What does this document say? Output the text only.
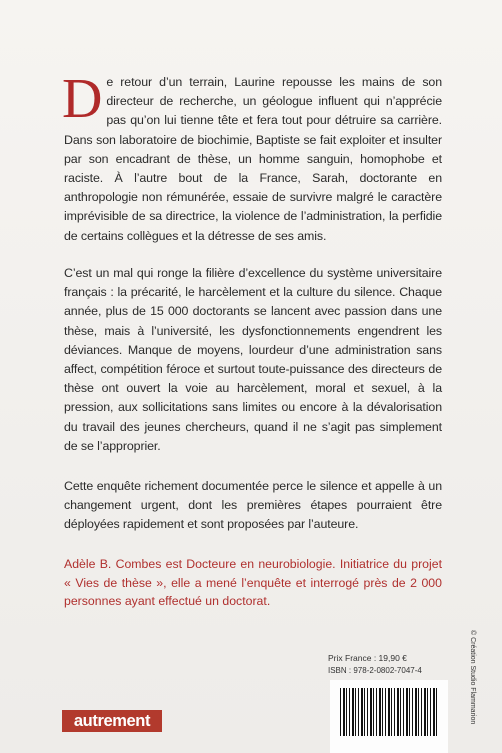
De retour d’un terrain, Laurine repousse les mains de son directeur de recherche, un géologue influent qui n’apprécie pas qu’on lui tienne tête et fera tout pour détruire sa carrière. Dans son laboratoire de biochimie, Baptiste se fait exploiter et insulter par son encadrant de thèse, un homme sanguin, homophobe et raciste. À l’autre bout de la France, Sarah, doctorante en anthropologie non rémunérée, essaie de survivre malgré le caractère imprévisible de sa directrice, la violence de l’administration, la perfidie de certains collègues et la détresse de ses amis.
C’est un mal qui ronge la filière d’excellence du système universitaire français : la précarité, le harcèlement et la culture du silence. Chaque année, plus de 15 000 doctorants se lancent avec passion dans une thèse, mais à l’université, les dysfonctionnements engendrent les déviances. Manque de moyens, lourdeur d’une administration sans affect, compétition féroce et surtout toute-puissance des directeurs de thèse ont ouvert la voie au harcèlement, moral et sexuel, à la pression, aux sollicitations sans limites ou encore à la dévalorisation du travail des jeunes chercheurs, quand il ne s’agit pas simplement de se l’approprier.
Cette enquête richement documentée perce le silence et appelle à un changement urgent, dont les premières étapes pourraient être déployées rapidement et sont proposées par l’auteure.
Adèle B. Combes est Docteure en neurobiologie. Initiatrice du projet « Vies de thèse », elle a mené l’enquête et interrogé près de 2 000 personnes ayant effectué un doctorat.
Prix France : 19,90 €
ISBN : 978-2-0802-7047-4
autrement	© Création Studio Flammarion
